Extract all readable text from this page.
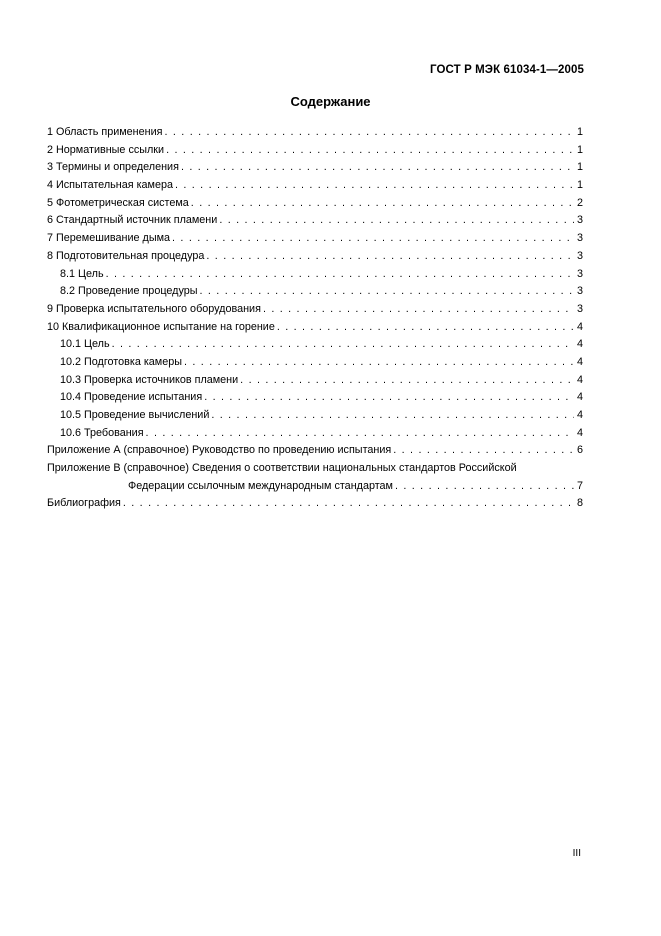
ГОСТ Р МЭК 61034-1—2005
Содержание
1 Область применения . . .	1
2 Нормативные ссылки . . .	1
3 Термины и определения . . .	1
4 Испытательная камера . . .	1
5 Фотометрическая система . . .	2
6 Стандартный источник пламени . . .	3
7 Перемешивание дыма . . .	3
8 Подготовительная процедура . . .	3
8.1 Цель . . .	3
8.2 Проведение процедуры . . .	3
9 Проверка испытательного оборудования . . .	3
10 Квалификационное испытание на горение . . .	4
10.1 Цель . . .	4
10.2 Подготовка камеры . . .	4
10.3 Проверка источников пламени . . .	4
10.4 Проведение испытания . . .	4
10.5 Проведение вычислений . . .	4
10.6 Требования . . .	4
Приложение А (справочное) Руководство по проведению испытания . . .	6
Приложение В (справочное) Сведения о соответствии национальных стандартов Российской
Федерации ссылочным международным стандартам . . .	7
Библиография . . .	8
III
